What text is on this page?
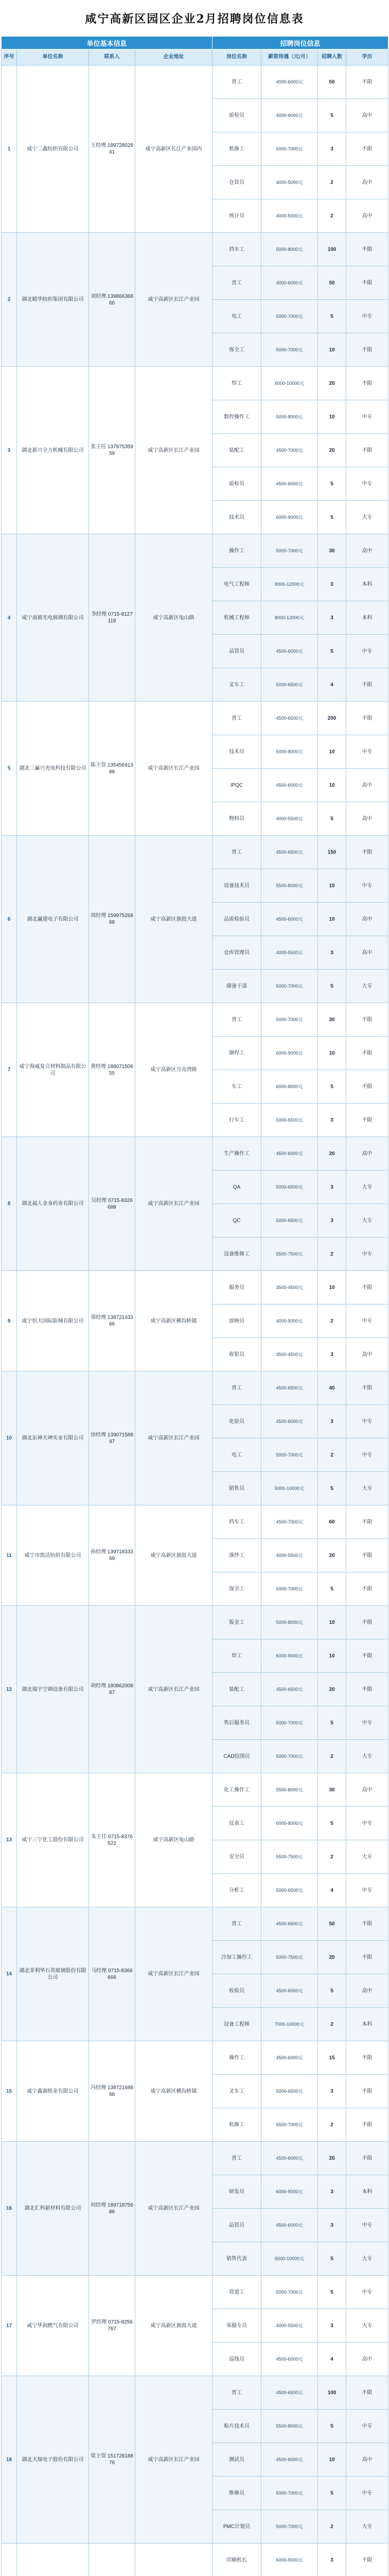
咸宁高新区园区企业2月招聘岗位信息表
单位基本信息				招聘岗位信息			
序号	单位名称	联系人	企业地址	岗位名称	薪资待遇（元/月）	招聘人数	学历
1	咸宁三鑫纺织有限公司	王经理 18972802841	咸宁高新区长江产业园内	普工	4000-6000元	50	不限
				质检员	4000-6000元	5	高中
				机修工	5000-7000元	3	不限
				仓管员	4000-5000元	2	高中
				统计员	4000-5000元	2	高中
2	湖北精华纺织集团有限公司	刘经理 13986636866	咸宁高新区长江产业园	挡车工	5000-8000元	100	不限
				普工	4000-6000元	50	不限
				电工	5000-7000元	5	中专
				保全工	5000-7000元	10	不限
3	湖北新兴全力机械有限公司	张主任 13797535959	咸宁高新区长江产业园	焊工	6000-10000元	20	不限
				数控操作工	5000-8000元	10	中专
				装配工	4500-7000元	20	不限
				质检员	4500-6000元	5	中专
				技术员	6000-9000元	5	大专
4	咸宁南玻光电玻璃有限公司	李经理 0715-8127118	咸宁高新区龟山路	操作工	5000-7000元	30	高中
				电气工程师	8000-12000元	3	本科
				机械工程师	8000-12000元	3	本科
				品管员	4500-6000元	5	中专
				叉车工	5000-6500元	4	不限
5	湖北三赢兴光电科技有限公司	陈主管 13545691388	咸宁高新区长江产业园	普工	4500-6500元	200	不限
				技术员	5000-8000元	10	中专
				IPQC	4500-6000元	10	高中
				物料员	4000-5500元	5	高中
6	湖北瀛通电子有限公司	周经理 15997526868	咸宁高新区旗鼓大道	普工	4500-6500元	150	不限
				设备技术员	5500-8000元	10	中专
				品质检验员	4500-6000元	10	高中
				仓库管理员	4000-5500元	3	高中
				储备干部	5000-7000元	5	大专
7	咸宁海威复合材料制品有限公司	黄经理 18807150655	咸宁高新区月亮湾路	普工	5000-7000元	30	不限
				铆焊工	6000-9000元	10	不限
				车工	6000-8000元	5	不限
				行车工	5000-6500元	3	不限
8	湖北福人金身药业有限公司	吴经理 0715-8326688	咸宁高新区长江产业园	生产操作工	4500-6000元	20	高中
				QA	5000-6500元	3	大专
				QC	5000-6500元	3	大专
				设备维修工	5500-7500元	2	中专
9	咸宁恒大国际影城有限公司	郑经理 13872143366	咸宁高新区横沟桥镇	服务员	3500-4500元	10	不限
				放映员	4000-5000元	2	中专
				收银员	3500-4500元	3	高中
10	湖北东神天神实业有限公司	徐经理 13907158897	咸宁高新区长江产业园	普工	4500-6500元	40	不限
				化验员	4500-6000元	3	中专
				电工	5000-7000元	2	中专
				销售员	5000-10000元	5	大专
11	咸宁市凯达纺织有限公司	孙经理 13971833369	咸宁高新区旗鼓大道	挡车工	4500-7000元	60	不限
				落纱工	4000-5500元	20	不限
				保全工	5000-7000元	5	不限
12	湖北瑞宇空调设备有限公司	胡经理 18086200887	咸宁高新区长江产业园	钣金工	5000-8000元	10	不限
				焊工	6000-9000元	10	不限
				装配工	4500-6500元	20	不限
				售后服务员	5000-7000元	5	中专
				CAD绘图员	5000-7000元	2	大专
13	咸宁三宁化工股份有限公司	朱主任 0715-8376522	咸宁高新区龟山路	化工操作工	5500-8000元	30	高中
				仪表工	6000-8000元	5	中专
				安全员	5500-7500元	2	大专
				分析工	5000-6500元	4	中专
14	湖北菲利华石英玻璃股份有限公司	马经理 0715-8366666	咸宁高新区长江产业园	普工	4500-6500元	50	不限
				冷加工操作工	5000-7500元	20	不限
				检验员	4500-6000元	5	高中
				设备工程师	7000-10000元	2	本科
15	咸宁鑫源纸业有限公司	冯经理 13872168868	咸宁高新区横沟桥镇	操作工	4500-6000元	15	不限
				叉车工	5000-6500元	3	不限
				机修工	5500-7000元	2	不限
16	湖北汇科新材料有限公司	何经理 18971875686	咸宁高新区长江产业园	普工	4500-6000元	20	不限
				研发员	6000-9000元	3	本科
				品管员	4500-6000元	3	中专
				销售代表	5000-10000元	5	大专
17	咸宁华润燃气有限公司	罗经理 0715-8256767	咸宁高新区旗鼓大道	管道工	5000-7000元	5	中专
				客服专员	4000-5500元	3	大专
				巡线员	4500-6000元	4	高中
18	湖北天瑞电子股份有限公司	梁主管 15172818876	咸宁高新区长江产业园	普工	4500-6500元	100	不限
				贴片技术员	5500-8000元	5	中专
				测试员	4500-6000元	10	高中
				维修员	5000-7000元	5	中专
				PMC计划员	5000-7000元	2	大专
				印刷机长	6000-9000元	3	不限
